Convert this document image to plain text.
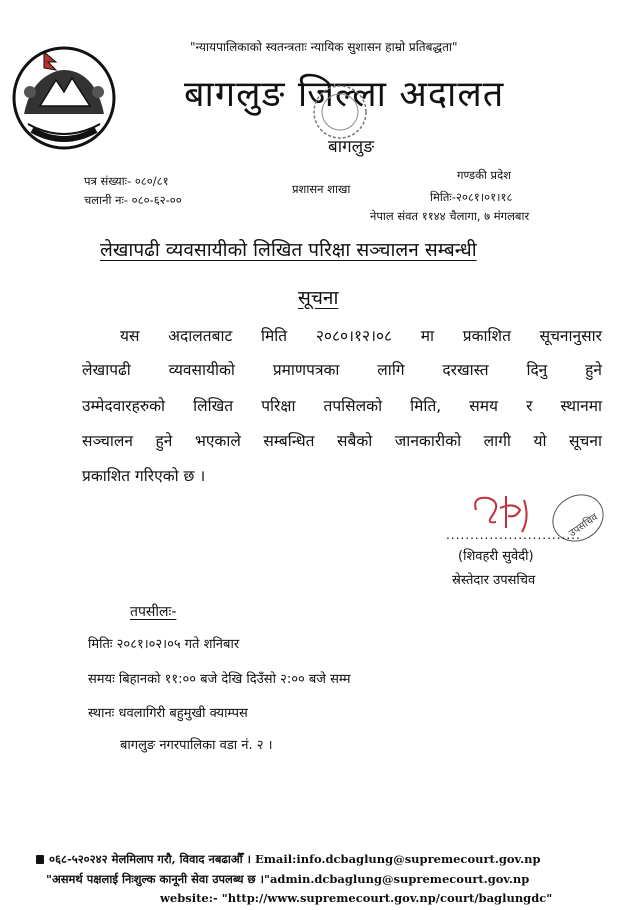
"न्यायपालिकाको स्वतन्त्रताः न्यायिक सुशासन हाम्रो प्रतिबद्धता"
बागलुङ जिल्ला अदालत
बागलुङ
पत्र संख्याः- ०८०/८१
चलानी नः- ०८०-६२-००
प्रशासन शाखा
गण्डकी प्रदेश
मितिः-२०८१।०१।१८
नेपाल संवत ११४४ चैलागा, ७ मंगलबार
लेखापढी व्यवसायीको लिखित परिक्षा सञ्चालन सम्बन्धी
सूचना
यस अदालतबाट मिति २०८०।१२।०८ मा प्रकाशित सूचनानुसार
लेखापढी व्यवसायीको प्रमाणपत्रका लागि दरखास्त दिनु हुने
उम्मेदवारहरुको लिखित परिक्षा तपसिलको मिति, समय र स्थानमा
सञ्चालन हुने भएकाले सम्बन्धित सबैको जानकारीको लागी यो सूचना
प्रकाशित गरिएको छ ।
उपसचिव
............................
(शिवहरी सुवेदी)
स्रेस्तेदार उपसचिव
तपसीलः-
मितिः २०८१।०२।०५ गते शनिबार
समयः बिहानको ११:०० बजे देखि दिउँसो २:०० बजे सम्म
स्थानः धवलागिरी बहुमुखी क्याम्पस
बागलुङ नगरपालिका वडा नं. २ ।
०६८-५२०२४२ मेलमिलाप गरौ, विवाद नबढाऔँ । Email:info.dcbaglung@supremecourt.gov.np
"असमर्थ पक्षलाई निःशुल्क कानूनी सेवा उपलब्ध छ ।"admin.dcbaglung@supremecourt.gov.np
website:- "http://www.supremecourt.gov.np/court/baglungdc"
